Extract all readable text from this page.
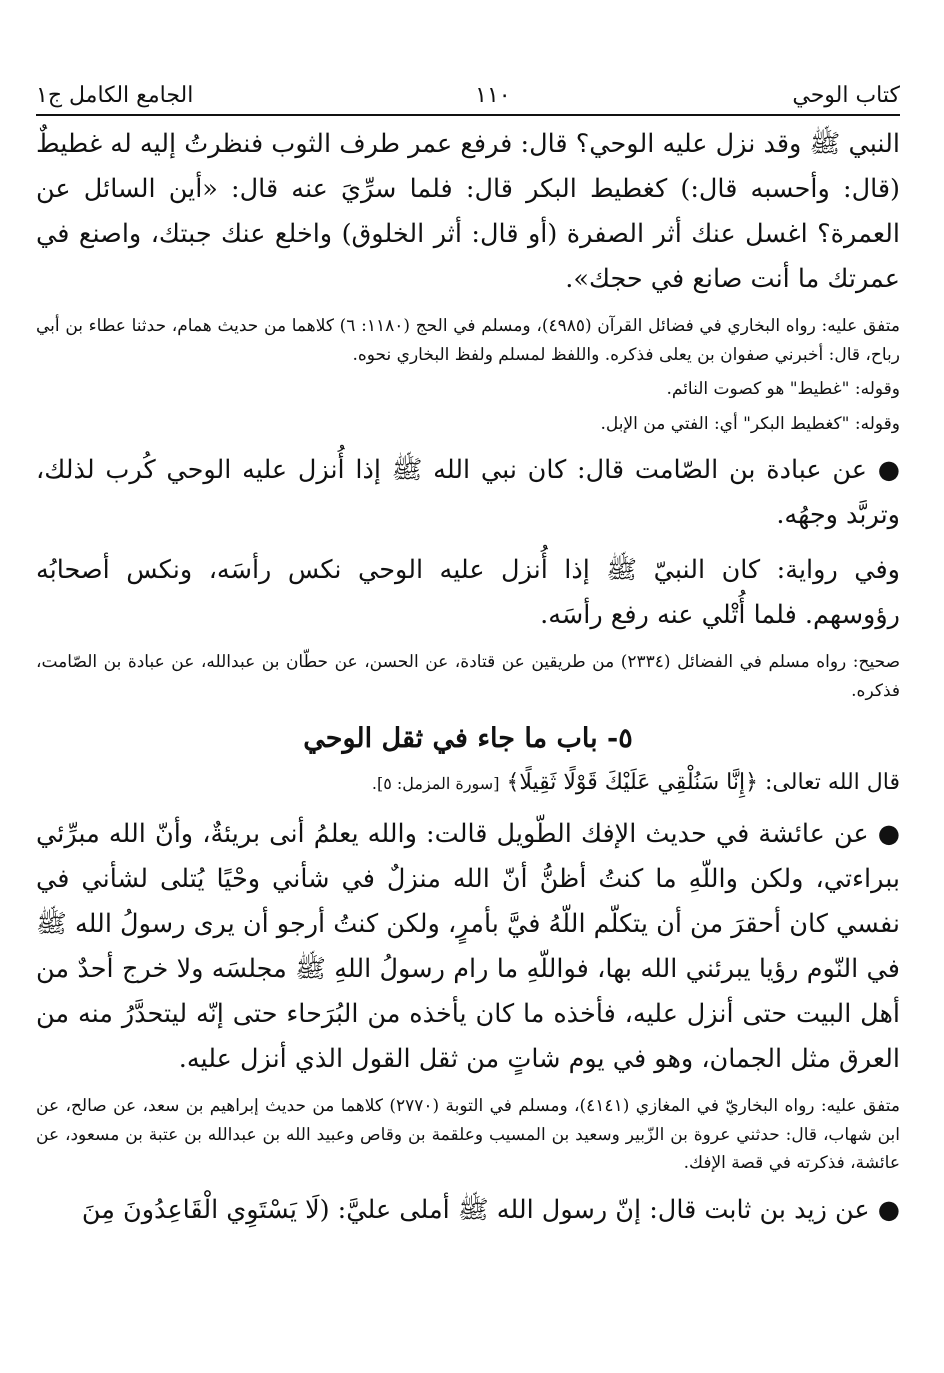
الجامع الكامل ج١	١١٠	كتاب الوحي

النبي ﷺ وقد نزل عليه الوحي؟ قال: فرفع عمر طرف الثوب فنظرتُ إليه له غطيطٌ (قال: وأحسبه قال:) كغطيط البكر قال: فلما سرِّيَ عنه قال: «أين السائل عن العمرة؟ اغسل عنك أثر الصفرة (أو قال: أثر الخلوق) واخلع عنك جبتك، واصنع في عمرتك ما أنت صانع في حجك».

متفق عليه: رواه البخاري في فضائل القرآن (٤٩٨٥)، ومسلم في الحج (١١٨٠: ٦) كلاهما من حديث همام، حدثنا عطاء بن أبي رباح، قال: أخبرني صفوان بن يعلى فذكره. واللفظ لمسلم ولفظ البخاري نحوه.

وقوله: "غطيط" هو كصوت النائم.

وقوله: "كغطيط البكر" أي: الفتي من الإبل.

● عن عبادة بن الصّامت قال: كان نبي الله ﷺ إذا أُنزل عليه الوحي كُرب لذلك، وتربَّد وجهُه.

وفي رواية: كان النبيّ ﷺ إذا أُنزل عليه الوحي نكس رأسَه، ونكس أصحابُه رؤوسهم. فلما أُتْلي عنه رفع رأسَه.

صحيح: رواه مسلم في الفضائل (٢٣٣٤) من طريقين عن قتادة، عن الحسن، عن حطّان بن عبدالله، عن عبادة بن الصّامت، فذكره.

٥- باب ما جاء في ثقل الوحي

قال الله تعالى: ﴿إِنَّا سَنُلْقِي عَلَيْكَ قَوْلًا ثَقِيلًا﴾ [سورة المزمل: ٥].

● عن عائشة في حديث الإفك الطّويل قالت: والله يعلمُ أنى بريئةٌ، وأنّ الله مبرِّئي ببراءتي، ولكن واللّهِ ما كنتُ أظنُّ أنّ الله منزلٌ في شأني وحْيًا يُتلى لشأني في نفسي كان أحقرَ من أن يتكلّم اللّهُ فيَّ بأمرٍ، ولكن كنتُ أرجو أن يرى رسولُ الله ﷺ في النّوم رؤيا يبرئني الله بها، فواللّهِ ما رام رسولُ اللهِ ﷺ مجلسَه ولا خرج أحدٌ من أهل البيت حتى أنزل عليه، فأخذه ما كان يأخذه من البُرَحاء حتى إنّه ليتحدَّرُ منه من العرق مثل الجمان، وهو في يوم شاتٍ من ثقل القول الذي أنزل عليه.

متفق عليه: رواه البخاريّ في المغازي (٤١٤١)، ومسلم في التوبة (٢٧٧٠) كلاهما من حديث إبراهيم بن سعد، عن صالح، عن ابن شهاب، قال: حدثني عروة بن الزّبير وسعيد بن المسيب وعلقمة بن وقاص وعبيد الله بن عبدالله بن عتبة بن مسعود، عن عائشة، فذكرته في قصة الإفك.

● عن زيد بن ثابت قال: إنّ رسول الله ﷺ أملى عليَّ: (لَا يَسْتَوِي الْقَاعِدُونَ مِنَ
